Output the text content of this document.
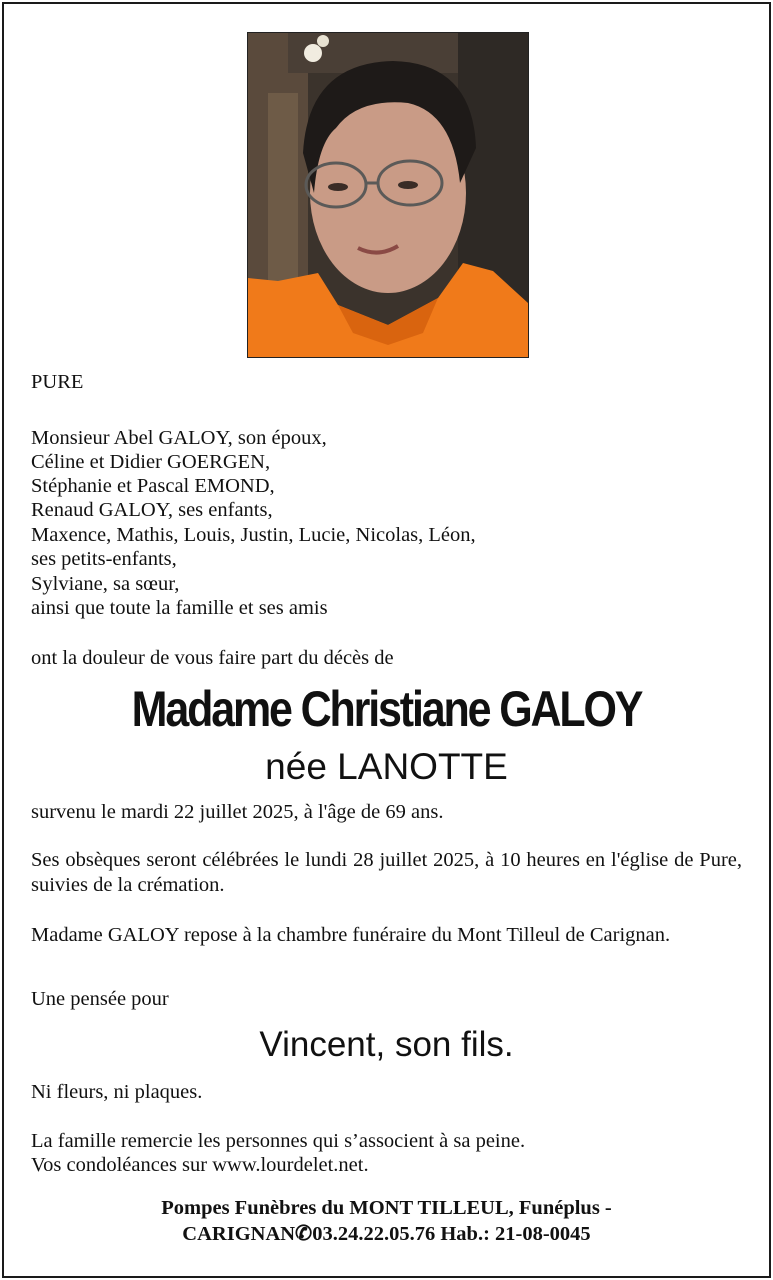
PURE
Monsieur Abel GALOY, son époux,
Céline et Didier GOERGEN,
Stéphanie et Pascal EMOND,
Renaud GALOY, ses enfants,
Maxence, Mathis, Louis, Justin, Lucie, Nicolas, Léon,
ses petits-enfants,
Sylviane, sa sœur,
ainsi que toute la famille et ses amis
ont la douleur de vous faire part du décès de
Madame Christiane GALOY
née LANOTTE
survenu le mardi 22 juillet 2025, à l'âge de 69 ans.
Ses obsèques seront célébrées le lundi 28 juillet 2025, à 10 heures en l'église de Pure, suivies de la crémation.
Madame GALOY repose à la chambre funéraire du Mont Tilleul de Carignan.
Une pensée pour
Vincent, son fils.
Ni fleurs, ni plaques.
La famille remercie les personnes qui s’associent à sa peine.
Vos condoléances sur www.lourdelet.net.
Pompes Funèbres du MONT TILLEUL, Funéplus -
CARIGNAN✆03.24.22.05.76 Hab.: 21-08-0045
